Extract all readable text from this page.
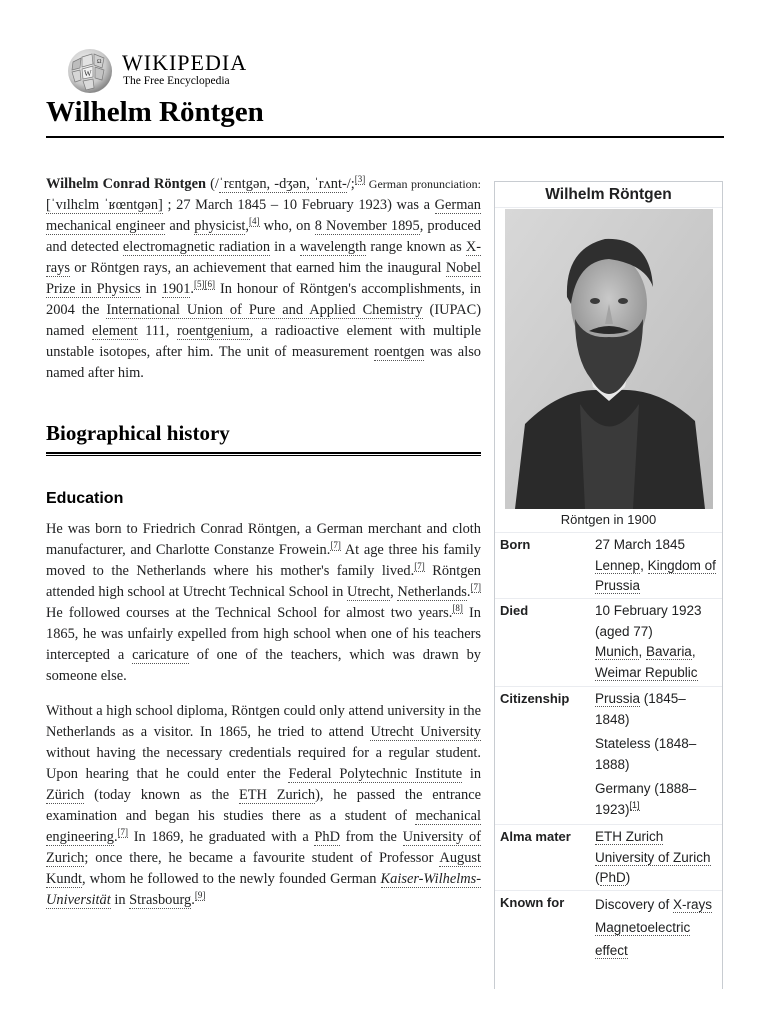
W
Ω WIKIPEDIA
The Free Encyclopedia
Wilhelm Röntgen

Wilhelm Conrad Röntgen (/ˈrɛntgən, -dʒən, ˈrʌnt-/;[3] German pronunciation: [ˈvɪlhɛlm ˈʁœntɡən] ; 27 March 1845 – 10 February 1923) was a German mechanical engineer and physicist,[4] who, on 8 November 1895, produced and detected electromagnetic radiation in a wavelength range known as X-rays or Röntgen rays, an achievement that earned him the inaugural Nobel Prize in Physics in 1901.[5][6] In honour of Röntgen's accomplishments, in 2004 the International Union of Pure and Applied Chemistry (IUPAC) named element 111, roentgenium, a radioactive element with multiple unstable isotopes, after him. The unit of measurement roentgen was also named after him.

Biographical history
Education

He was born to Friedrich Conrad Röntgen, a German merchant and cloth manufacturer, and Charlotte Constanze Frowein.[7] At age three his family moved to the Netherlands where his mother's family lived.[7] Röntgen attended high school at Utrecht Technical School in Utrecht, Netherlands.[7] He followed courses at the Technical School for almost two years.[8] In 1865, he was unfairly expelled from high school when one of his teachers intercepted a caricature of one of the teachers, which was drawn by someone else.

Without a high school diploma, Röntgen could only attend university in the Netherlands as a visitor. In 1865, he tried to attend Utrecht University without having the necessary credentials required for a regular student. Upon hearing that he could enter the Federal Polytechnic Institute in Zürich (today known as the ETH Zurich), he passed the entrance examination and began his studies there as a student of mechanical engineering.[7] In 1869, he graduated with a PhD from the University of Zurich; once there, he became a favourite student of Professor August Kundt, whom he followed to the newly founded German Kaiser-Wilhelms-Universität in Strasbourg.[9]

Wilhelm Röntgen
Röntgen in 1900
Born	27 March 1845
Lennep, Kingdom of Prussia
Died	10 February 1923
(aged 77)
Munich, Bavaria, Weimar Republic
Citizenship Prussia (1845–1848)
Stateless (1848–1888)
Germany (1888–1923)[1]
Alma mater ETH Zurich
University of Zurich
(PhD)
Known for Discovery of X-rays
Magnetoelectric effect
